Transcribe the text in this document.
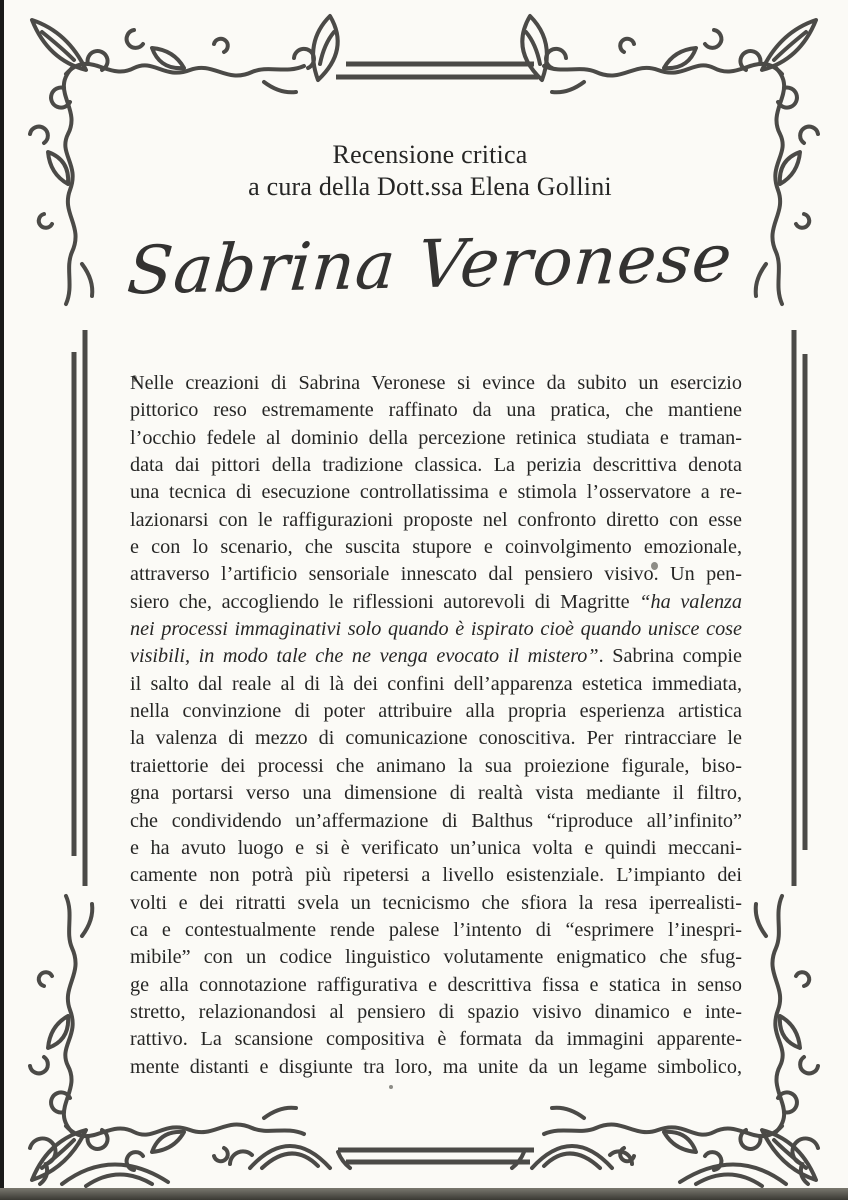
Recensione critica
a cura della Dott.ssa Elena Gollini
Sabrina Veronese
Nelle creazioni di Sabrina Veronese si evince da subito un esercizio
pittorico reso estremamente raffinato da una pratica, che mantiene
l’occhio fedele al dominio della percezione retinica studiata e traman-
data dai pittori della tradizione classica. La perizia descrittiva denota
una tecnica di esecuzione controllatissima e stimola l’osservatore a re-
lazionarsi con le raffigurazioni proposte nel confronto diretto con esse
e con lo scenario, che suscita stupore e coinvolgimento emozionale,
attraverso l’artificio sensoriale innescato dal pensiero visivo. Un pen-
siero che, accogliendo le riflessioni autorevoli di Magritte “ha valenza
nei processi immaginativi solo quando è ispirato cioè quando unisce cose
visibili, in modo tale che ne venga evocato il mistero”. Sabrina compie
il salto dal reale al di là dei confini dell’apparenza estetica immediata,
nella convinzione di poter attribuire alla propria esperienza artistica
la valenza di mezzo di comunicazione conoscitiva. Per rintracciare le
traiettorie dei processi che animano la sua proiezione figurale, biso-
gna portarsi verso una dimensione di realtà vista mediante il filtro,
che condividendo un’affermazione di Balthus “riproduce all’infinito”
e ha avuto luogo e si è verificato un’unica volta e quindi meccani-
camente non potrà più ripetersi a livello esistenziale. L’impianto dei
volti e dei ritratti svela un tecnicismo che sfiora la resa iperrealisti-
ca e contestualmente rende palese l’intento di “esprimere l’inespri-
mibile” con un codice linguistico volutamente enigmatico che sfug-
ge alla connotazione raffigurativa e descrittiva fissa e statica in senso
stretto, relazionandosi al pensiero di spazio visivo dinamico e inte-
rattivo. La scansione compositiva è formata da immagini apparente-
mente distanti e disgiunte tra loro, ma unite da un legame simbolico,
